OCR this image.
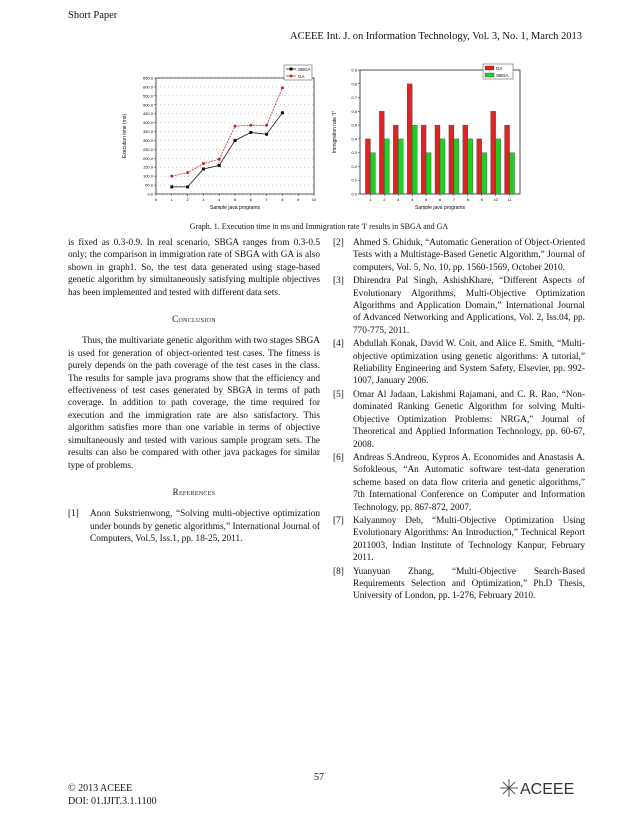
Short Paper
ACEEE Int. J. on Information Technology, Vol. 3, No. 1, March 2013
0.0
50.0
100.0
150.0
200.0
250.0
300.0
350.0
400.0
450.0
500.0
550.0
600.0
650.0
0	1	2	3	4	5	6	7	8	9	10
Sample java programs
Execution time (ms)
SBGA
GA
0.0
0.1
0.2
0.3
0.4
0.5
0.6
0.7
0.8
0.9
1	2	3	4	5	6	7	8	9	10 11
Sample java programs
Immigration rate "I"
GA
SBGA
Graph. 1. Execution time in ms and Immigration rate 'I' results in SBGA and GA

is fixed as 0.3-0.9. In real scenario, SBGA ranges from 0.3-0.5 only; the comparison in immigration rate of SBGA with GA is also shown in graph1. So, the test data generated using stage-based genetic algorithm by simultaneously satisfying multiple objectives has been implemented and tested with different data sets.

Conclusion

Thus, the multivariate genetic algorithm with two stages SBGA is used for generation of object-oriented test cases. The fitness is purely depends on the path coverage of the test cases in the class. The results for sample java programs show that the efficiency and effectiveness of test cases generated by SBGA in terms of path coverage. In addition to path coverage, the time required for execution and the immigration rate are also satisfactory. This algorithm satisfies more than one variable in terms of objective simultaneously and tested with various sample program sets. The results can also be compared with other java packages for similar type of problems.

References
[1] Anon Sukstrienwong, “Solving multi-objective optimization under bounds by genetic algorithms,” International Journal of Computers, Vol.5, Iss.1, pp. 18-25, 2011.
[2] Ahmed S. Ghiduk, “Automatic Generation of Object-Oriented Tests with a Multistage-Based Genetic Algorithm,” Journal of computers, Vol. 5, No. 10, pp. 1560-1569, October 2010.
[3] Dhirendra Pal Singh, AshishKhare, “Different Aspects of Evolutionary Algorithms, Multi-Objective Optimization Algorithms and Application Domain,” International Journal of Advanced Networking and Applications, Vol. 2, Iss.04, pp. 770-775, 2011.
[4] Abdullah Konak, David W. Coit, and Alice E. Smith, “Multi-objective optimization using genetic algorithms: A tutorial,” Reliability Engineering and System Safety, Elsevier, pp. 992-1007, January 2006.
[5] Omar Al Jadaan, Lakishmi Rajamani, and C. R. Rao, “Non-dominated Ranking Genetic Algorithm for solving Multi-Objective Optimization Problems: NRGA,” Journal of Theoretical and Applied Information Technology, pp. 60-67, 2008.
[6] Andreas S.Andreou, Kypros A. Economides and Anastasis A. Sofokleous, “An Automatic software test-data generation scheme based on data flow criteria and genetic algorithms,” 7th International Conference on Computer and Information Technology, pp. 867-872, 2007.
[7] Kalyanmoy Deb, “Multi-Objective Optimization Using Evolutionary Algorithms: An Introduction,” Technical Report 2011003, Indian Institute of Technology Kanpur, February 2011.
[8] Yuanyuan Zhang, “Multi-Objective Search-Based Requirements Selection and Optimization,” Ph.D Thesis, University of London, pp. 1-276, February 2010.
57
© 2013 ACEEE
DOI: 01.IJIT.3.1.1100
ACEEE
